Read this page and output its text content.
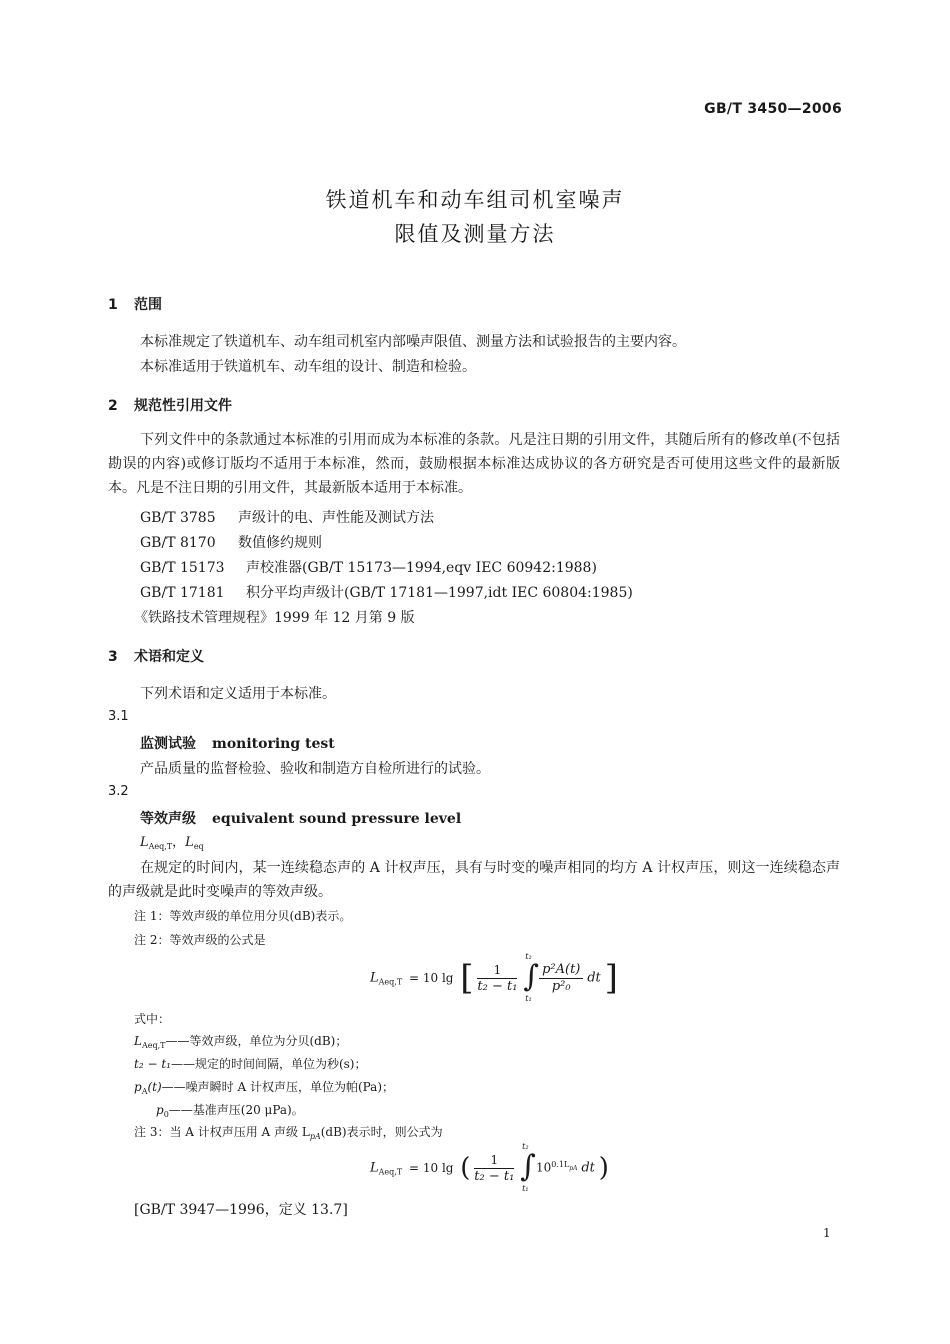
GB/T 3450—2006
铁道机车和动车组司机室噪声
限值及测量方法
1 范围
本标准规定了铁道机车、动车组司机室内部噪声限值、测量方法和试验报告的主要内容。
本标准适用于铁道机车、动车组的设计、制造和检验。
2 规范性引用文件
下列文件中的条款通过本标准的引用而成为本标准的条款。凡是注日期的引用文件，其随后所有的修改单(不包括勘误的内容)或修订版均不适用于本标准，然而，鼓励根据本标准达成协议的各方研究是否可使用这些文件的最新版本。凡是不注日期的引用文件，其最新版本适用于本标准。
GB/T 3785 声级计的电、声性能及测试方法
GB/T 8170 数值修约规则
GB/T 15173 声校准器(GB/T 15173—1994,eqv IEC 60942:1988)
GB/T 17181 积分平均声级计(GB/T 17181—1997,idt IEC 60804:1985)
《铁路技术管理规程》1999 年 12 月第 9 版
3 术语和定义
下列术语和定义适用于本标准。
3.1
监测试验 monitoring test
产品质量的监督检验、验收和制造方自检所进行的试验。
3.2
等效声级 equivalent sound pressure level
$L_{Aeq,T}$，$L_{eq}$
在规定的时间内，某一连续稳态声的 A 计权声压，具有与时变的噪声相同的均方 A 计权声压，则这一连续稳态声的声级就是此时变噪声的等效声级。
注 1：等效声级的单位用分贝(dB)表示。
注 2：等效声级的公式是
$L_{Aeq,T} = 10$ lg [ $\frac{1}{\text{t₂ − t₁}}$

t₂
∫
t₁

$\frac{\text{p²A(t)}}{\text{p²₀}}$ dt ]
式中：
$L_{Aeq,T}——$等效声级，单位为分贝(dB)；
t₂ − t₁——规定的时间间隔，单位为秒(s)；
$p_A(t)——$噪声瞬时 A 计权声压，单位为帕(Pa)；
$p_0——$基准声压(20 μPa)。
注 3：当 A 计权声压用 A 声级 $L_{pA}(dB)$表示时，则公式为
$L_{Aeq,T} = 10$ lg ( $\frac{1}{\text{t₂ − t₁}}$

t₂
∫
t₁
$10^{0.1L_{pA}}$ dt )
[GB/T 3947—1996，定义 13.7]
1
